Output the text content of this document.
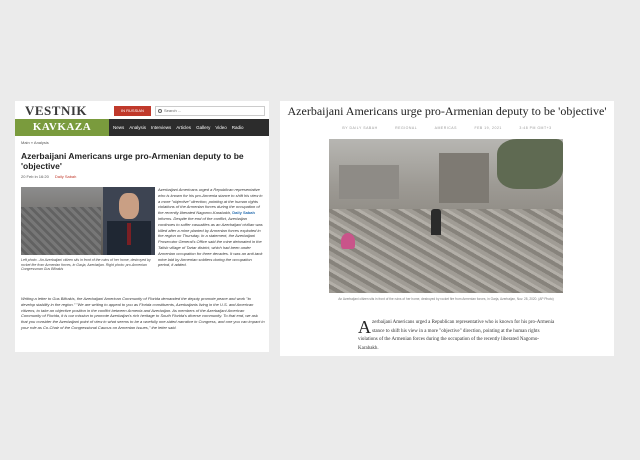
VESTNIK	IN RUSSIAN	Search ...
KAVKAZA	News Analysis Interviews Articles Gallery Video Radio
Main » Analysis
Azerbaijani Americans urge pro-Armenian deputy to be 'objective'
20 Feb in 16:20 Daily Sabah
Left photo - An Azerbaijani citizen sits in front of the ruins of her home, destroyed by rocket fire from Armenian forces, in Gasja, Azerbaijan. Right photo: pro-Armenian Congressman Gus Bilirakis
Azerbaijani Americans urged a Republican representative who is known for his pro-Armenia stance to shift his view in a more "objective" direction, pointing at the human rights violations of the Armenian forces during the occupation of the recently liberated Nagorno-Karabakh, Daily Sabah informs. Despite the end of the conflict, Azerbaijan continues to suffer casualties as an Azerbaijani civilian was killed after a mine planted by Armenian forces exploded in the region on Thursday. In a statement, the Azerbaijani Prosecutor General's Office said the mine detonated in the Talish village of Tartar district, which had been under Armenian occupation for three decades. It was an anti-tank mine laid by Armenian soldiers during the occupation period, it added.
Writing a letter to Gus Bilirakis, the Azerbaijani American Community of Florida demanded the deputy promote peace and work "to develop stability in the region." "We are writing to appeal to you as Florida constituents, Azerbaijanis living in the U.S. and American citizens, to take an objective position in the conflict between Armenia and Azerbaijan. As members of the Azerbaijani American Community of Florida, it is our mission to promote Azerbaijan's rich heritage to South Florida's diverse community. To that end, we ask that you consider the Azerbaijani point of view in what seems to be a woefully one-sided narrative in Congress, and one you can impact in your role as Co-Chair of the Congressional Caucus on Armenian Issues," the letter said.
Azerbaijani Americans urge pro-Armenian deputy to be 'objective'
BY DAILY SABAH	REGIONAL	AMERICAS	FEB 19, 2021	3:48 PM GMT+3
An Azerbaijani citizen sits in front of the ruins of her home, destroyed by rocket fire from Armenian forces, in Garja, Azerbaijan, Nov. 28, 2020. (AP Photo)
Azerbaijani Americans urged a Republican representative who is known for his pro-Armenia stance to shift his view in a more "objective" direction, pointing at the human rights violations of the Armenian forces during the occupation of the recently liberated Nagorno-Karabakh.
